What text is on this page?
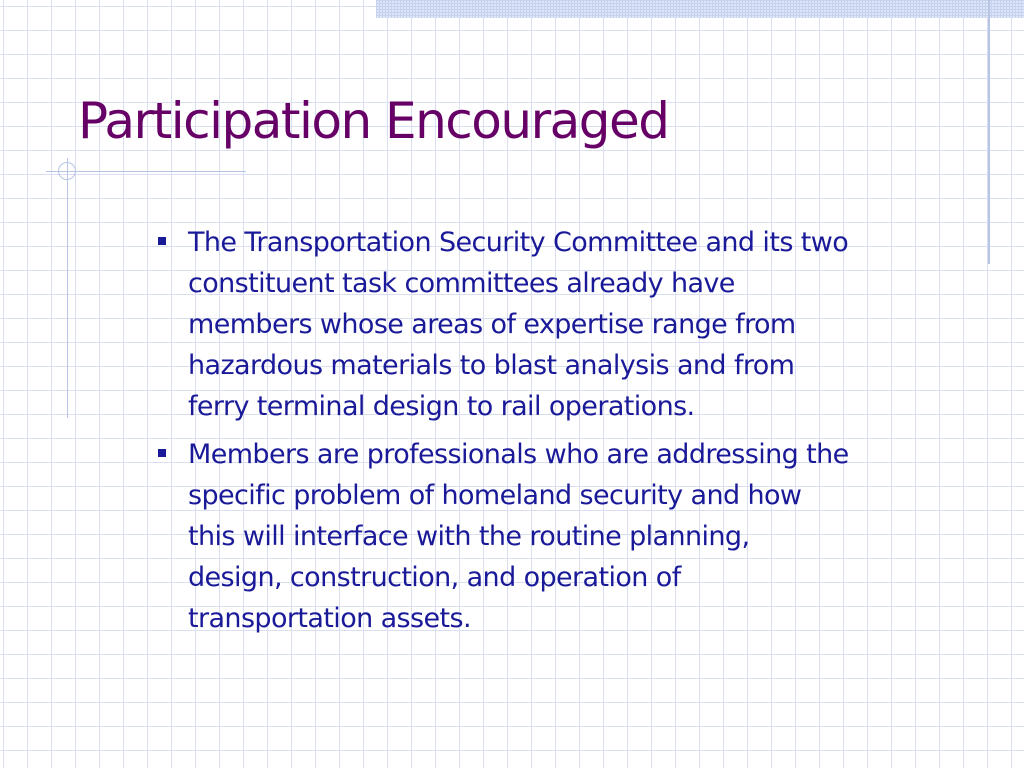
Participation Encouraged
The Transportation Security Committee and its two
constituent task committees already have
members whose areas of expertise range from
hazardous materials to blast analysis and from
ferry terminal design to rail operations.
Members are professionals who are addressing the
specific problem of homeland security and how
this will interface with the routine planning,
design, construction, and operation of
transportation assets.
